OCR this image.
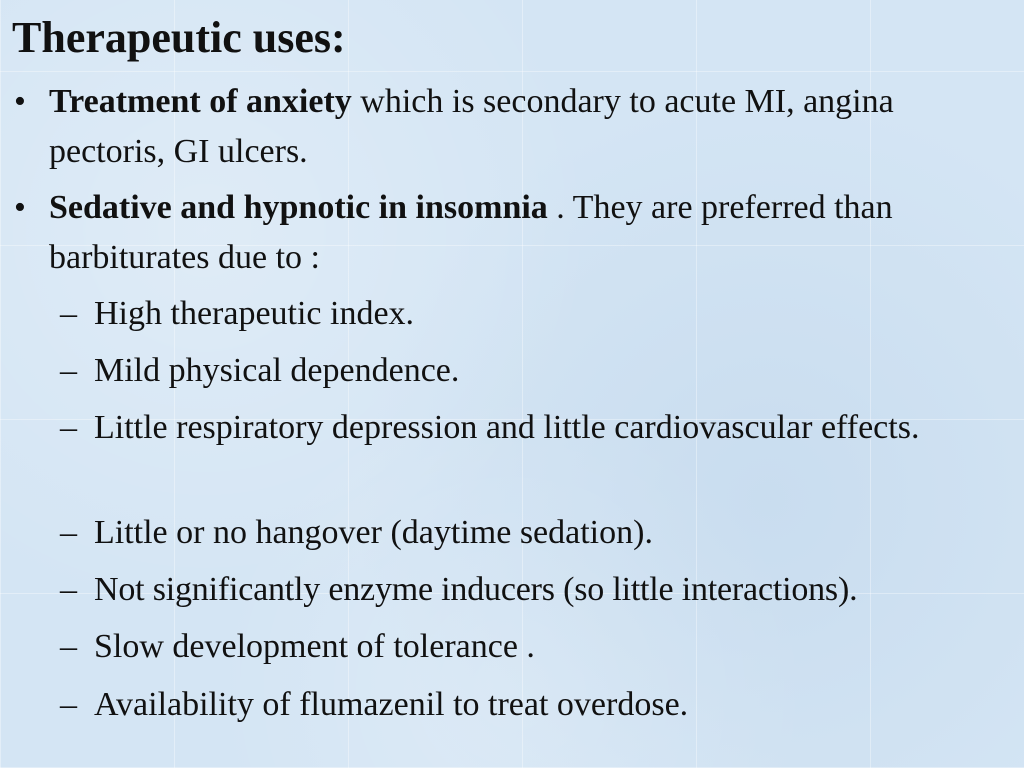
Therapeutic uses:
• Treatment of anxiety which is secondary to acute MI, angina pectoris, GI ulcers.
• Sedative and hypnotic in insomnia . They are preferred than barbiturates due to :
– High therapeutic index.
– Mild physical dependence.
– Little respiratory depression and little cardiovascular effects.
– Little or no hangover (daytime sedation).
– Not significantly enzyme inducers (so little interactions).
– Slow development of tolerance .
– Availability of flumazenil to treat overdose.
